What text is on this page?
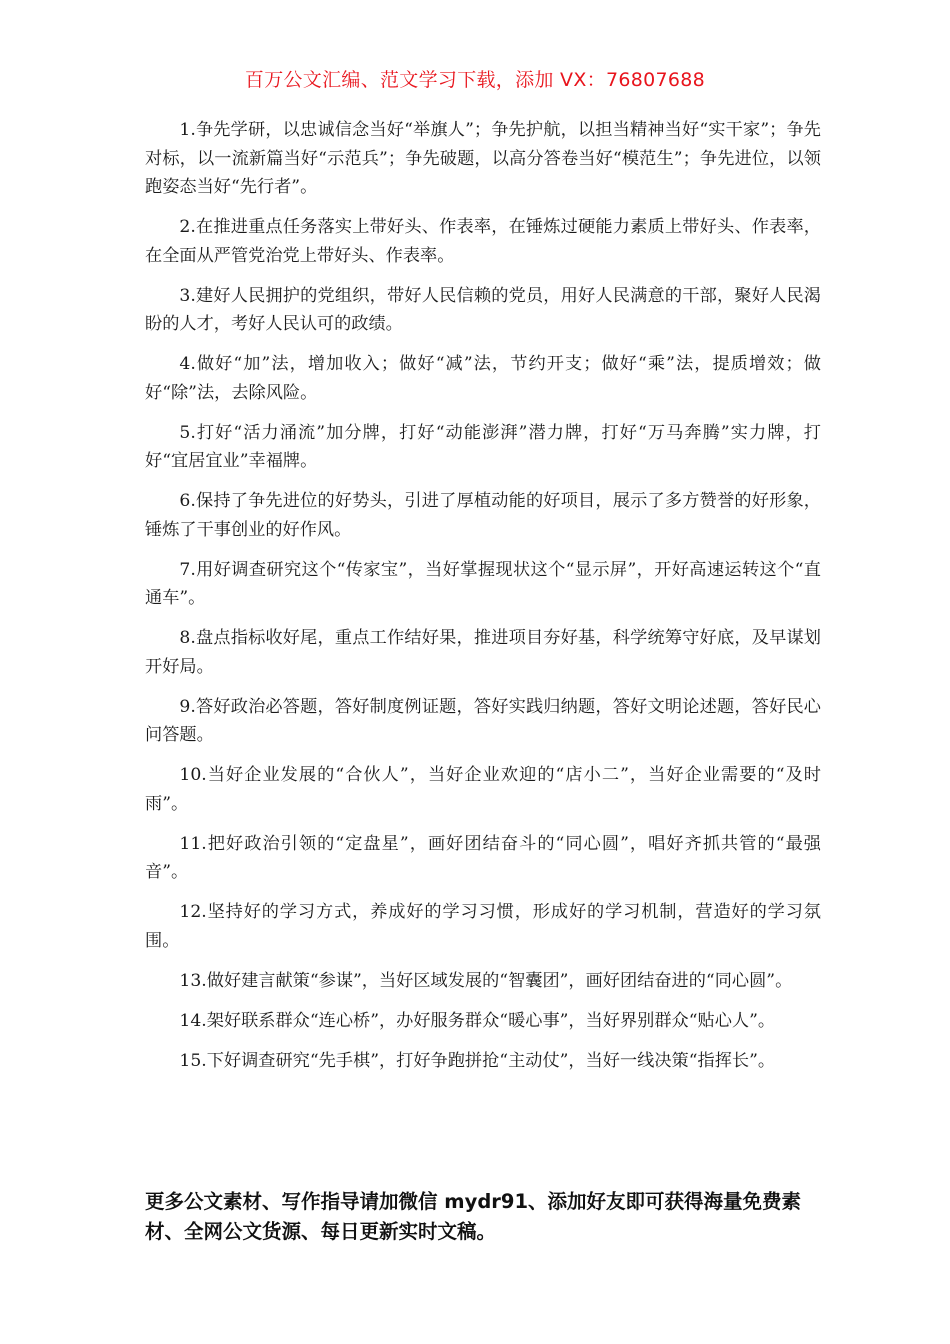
百万公文汇编、范文学习下载，添加 VX：76807688

1.争先学研，以忠诚信念当好“举旗人”；争先护航，以担当精神当好“实干家”；争先对标，以一流新篇当好“示范兵”；争先破题，以高分答卷当好“模范生”；争先进位，以领跑姿态当好“先行者”。

2.在推进重点任务落实上带好头、作表率，在锤炼过硬能力素质上带好头、作表率，在全面从严管党治党上带好头、作表率。

3.建好人民拥护的党组织，带好人民信赖的党员，用好人民满意的干部，聚好人民渴盼的人才，考好人民认可的政绩。

4.做好“加”法，增加收入；做好“减”法，节约开支；做好“乘”法，提质增效；做好“除”法，去除风险。

5.打好“活力涌流”加分牌，打好“动能澎湃”潜力牌，打好“万马奔腾”实力牌，打好“宜居宜业”幸福牌。

6.保持了争先进位的好势头，引进了厚植动能的好项目，展示了多方赞誉的好形象，锤炼了干事创业的好作风。

7.用好调查研究这个“传家宝”，当好掌握现状这个“显示屏”，开好高速运转这个“直通车”。

8.盘点指标收好尾，重点工作结好果，推进项目夯好基，科学统筹守好底，及早谋划开好局。

9.答好政治必答题，答好制度例证题，答好实践归纳题，答好文明论述题，答好民心问答题。

10.当好企业发展的“合伙人”，当好企业欢迎的“店小二”，当好企业需要的“及时雨”。

11.把好政治引领的“定盘星”，画好团结奋斗的“同心圆”，唱好齐抓共管的“最强音”。

12.坚持好的学习方式，养成好的学习习惯，形成好的学习机制，营造好的学习氛围。

13.做好建言献策“参谋”，当好区域发展的“智囊团”，画好团结奋进的“同心圆”。

14.架好联系群众“连心桥”，办好服务群众“暖心事”，当好界别群众“贴心人”。

15.下好调查研究“先手棋”，打好争跑拼抢“主动仗”，当好一线决策“指挥长”。

更多公文素材、写作指导请加微信 mydr91、添加好友即可获得海量免费素材、全网公文货源、每日更新实时文稿。
